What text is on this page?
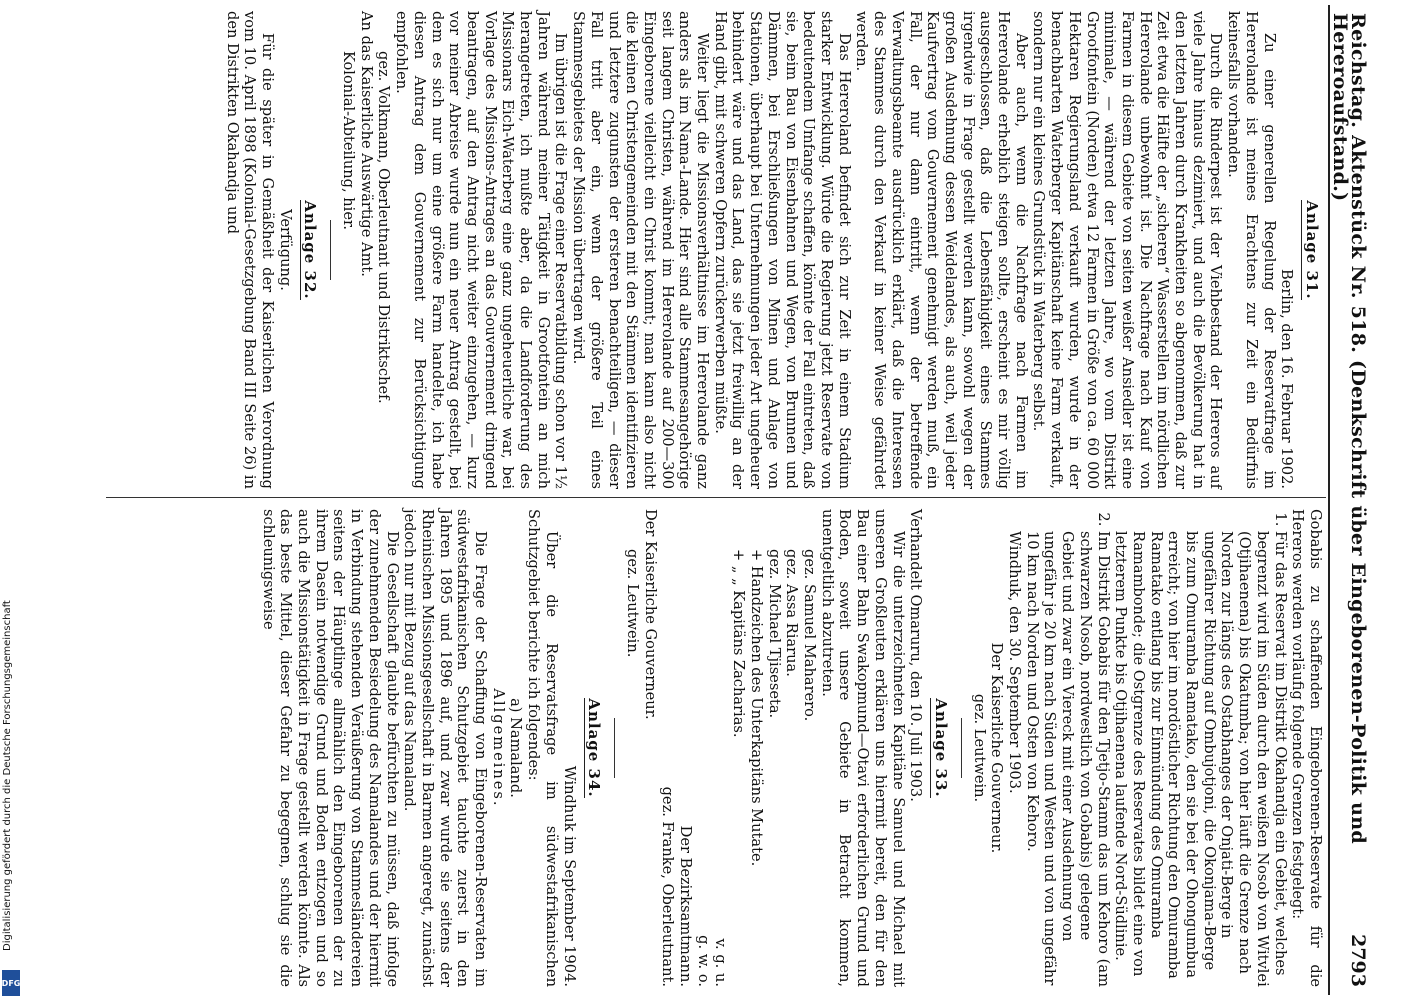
Reichstag. Aktenstück Nr. 518. (Denkschrift über Eingeborenen-Politik und Hereroaufstand.)
2793
Anlage 31.
Berlin, den 16. Februar 1902.

Zu einer generellen Regelung der Reservatfrage im Hererolande ist meines Erachtens zur Zeit ein Bedürfnis keinesfalls vorhanden.

Durch die Rinderpest ist der Viehbestand der Hereros auf viele Jahre hinaus dezimiert, und auch die Bevölkerung hat in den letzten Jahren durch Krankheiten so abgenommen, daß zur Zeit etwa die Hälfte der „sicheren“ Wasserstellen im nördlichen Hererolande unbewohnt ist. Die Nachfrage nach Kauf von Farmen in diesem Gebiete von seiten weißer Ansiedler ist eine minimale, — während der letzten Jahre, wo vom Distrikt Grootfontein (Norden) etwa 12 Farmen in Größe von ca. 60 000 Hektaren Regierungsland verkauft wurden, wurde in der benachbarten Waterberger Kapitänschaft keine Farm verkauft, sondern nur ein kleines Grundstück in Waterberg selbst.

Aber auch, wenn die Nachfrage nach Farmen im Hererolande erheblich steigen sollte, erscheint es mir völlig ausgeschlossen, daß die Lebensfähigkeit eines Stammes irgendwie in Frage gestellt werden kann, sowohl wegen der großen Ausdehnung dessen Weidelandes, als auch, weil jeder Kaufvertrag vom Gouvernement genehmigt werden muß, ein Fall, der nur dann eintritt, wenn der betreffende Verwaltungsbeamte ausdrücklich erklärt, daß die Interessen des Stammes durch den Verkauf in keiner Weise gefährdet werden.

Das Hereroland befindet sich zur Zeit in einem Stadium starker Entwicklung. Würde die Regierung jetzt Reservate von bedeutendem Umfange schaffen, könnte der Fall eintreten, daß sie, beim Bau von Eisenbahnen und Wegen, von Brunnen und Dämmen, bei Erschließungen von Minen und Anlage von Stationen, überhaupt bei Unternehmungen jeder Art ungeheuer behindert wäre und das Land, das sie jetzt freiwillig an der Hand gibt, mit schweren Opfern zurückerwerben müßte.

Weiter liegt die Missionsverhältnisse im Hererolande ganz anders als im Nama-Lande. Hier sind alle Stammesangehörige seit langem Christen, während im Hererolande auf 200—300 Eingeborene vielleicht ein Christ kommt; man kann also nicht die kleinen Christengemeinden mit den Stämmen identifizieren und letztere zugunsten der ersteren benachteiligen, — dieser Fall tritt aber ein, wenn der größere Teil eines Stammesgebietes der Mission übertragen wird.

Im übrigen ist die Frage einer Reservatbildung schon vor 1½ Jahren während meiner Tätigkeit in Grootfontein an mich herangetreten, ich mußte aber, da die Landforderung des Missionars Eich-Waterberg eine ganz ungeheuerliche war, bei Vorlage des Missions-Antrages an das Gouvernement dringend beantragen, auf den Antrag nicht weiter einzugehen, — kurz vor meiner Abreise wurde nun ein neuer Antrag gestellt, bei dem es sich nur um eine größere Farm handelte, ich habe diesen Antrag dem Gouvernement zur Berücksichtigung empfohlen.

gez. Volkmann, Oberleutnant und Distriktschef.
An das Kaiserliche Auswärtige Amt.
Kolonial-Abteilung, hier.
Anlage 32.
Verfügung.

Für die später in Gemäßheit der Kaiserlichen Verordnung vom 10. April 1898 (Kolonial-Gesetzgebung Band III Seite 26) in den Distrikten Okahandja und

Gobabis zu schaffenden Eingeborenen-Reservate für die Hereros werden vorläufig folgende Grenzen festgelegt:

1. Für das Reservat im Distrikt Okahandja ein Gebiet, welches begrenzt wird im Süden durch den weißen Nosob von Witvlei (Otjihaenena) bis Okatumba; von hier läuft die Grenze nach Norden zur längs des Ostabhanges der Onjati-Berge in ungefährer Richtung auf Ombujotjoni, die Okonjama-Berge bis zum Omuramba Ramatako, den sie bei der Ohongumbua erreicht; von hier im nordöstlicher Richtung den Omuramba Ramatako entlang bis zur Einmündung des Omuramba Ramambonde; die Ostgrenze des Reservates bildet eine von letzterem Punkte bis Otjihaenena laufende Nord-Südlinie.
2. Im Distrikt Gobabis für den Tjetjo-Stamm das um Kehoro (am schwarzen Nosob, nordwestlich von Gobabis) gelegene Gebiet und zwar ein Viereck mit einer Ausdehnung von ungefähr je 20 km nach Süden und Westen und von ungefähr 10 km nach Norden und Osten von Kehoro.
Windhuk, den 30. September 1903.
Der Kaiserliche Gouverneur.
gez. Leutwein.
Anlage 33.
Verhandelt Omaruru, den 10. Juli 1903.

Wir die unterzeichneten Kapitäne Samuel und Michael mit unseren Großleuten erklären uns hiermit bereit, den für den Bau einer Bahn Swakopmund—Otavi erforderlichen Grund und Boden, soweit unsere Gebiete in Betracht kommen, unentgeltlich abzutreten.

gez. Samuel Maharero.
gez. Assa Riarua.
gez. Michael Tjiseseta.
+ Handzeichen des Unterkapitäns Mutate.
+ „ „ Kapitäns Zacharias.
v. g. u.
g. w. o.
Der Bezirksamtmann.
gez. Franke, Oberleutnant.
Der Kaiserliche Gouverneur.
gez. Leutwein.
Anlage 34.
Windhuk im September 1904.

Über die Reservatsfrage im südwestafrikanischen Schutzgebiet berichte ich folgendes:

a) Namaland.
Allgemeines.

Die Frage der Schaffung von Eingeborenen-Reservaten im südwestafrikanischen Schutzgebiet tauchte zuerst in den Jahren 1895 und 1896 auf, und zwar wurde sie seitens der Rheinischen Missionsgesellschaft in Barmen angeregt, zunächst jedoch nur mit Bezug auf das Namaland.

Die Gesellschaft glaubte befürchten zu müssen, daß infolge der zunehmenden Besiedelung des Namalandes und der hiermit in Verbindung stehenden Veräußerung von Stammesländereien seitens der Häuptlinge allmählich den Eingeborenen der zu ihrem Dasein notwendige Grund und Boden entzogen und so auch die Missionstätigkeit in Frage gestellt werden könnte. Als das beste Mittel, dieser Gefahr zu begegnen, schlug sie die schleunigsweise

Digitalisierung gefördert durch die Deutsche Forschungsgemeinschaft
DFG
